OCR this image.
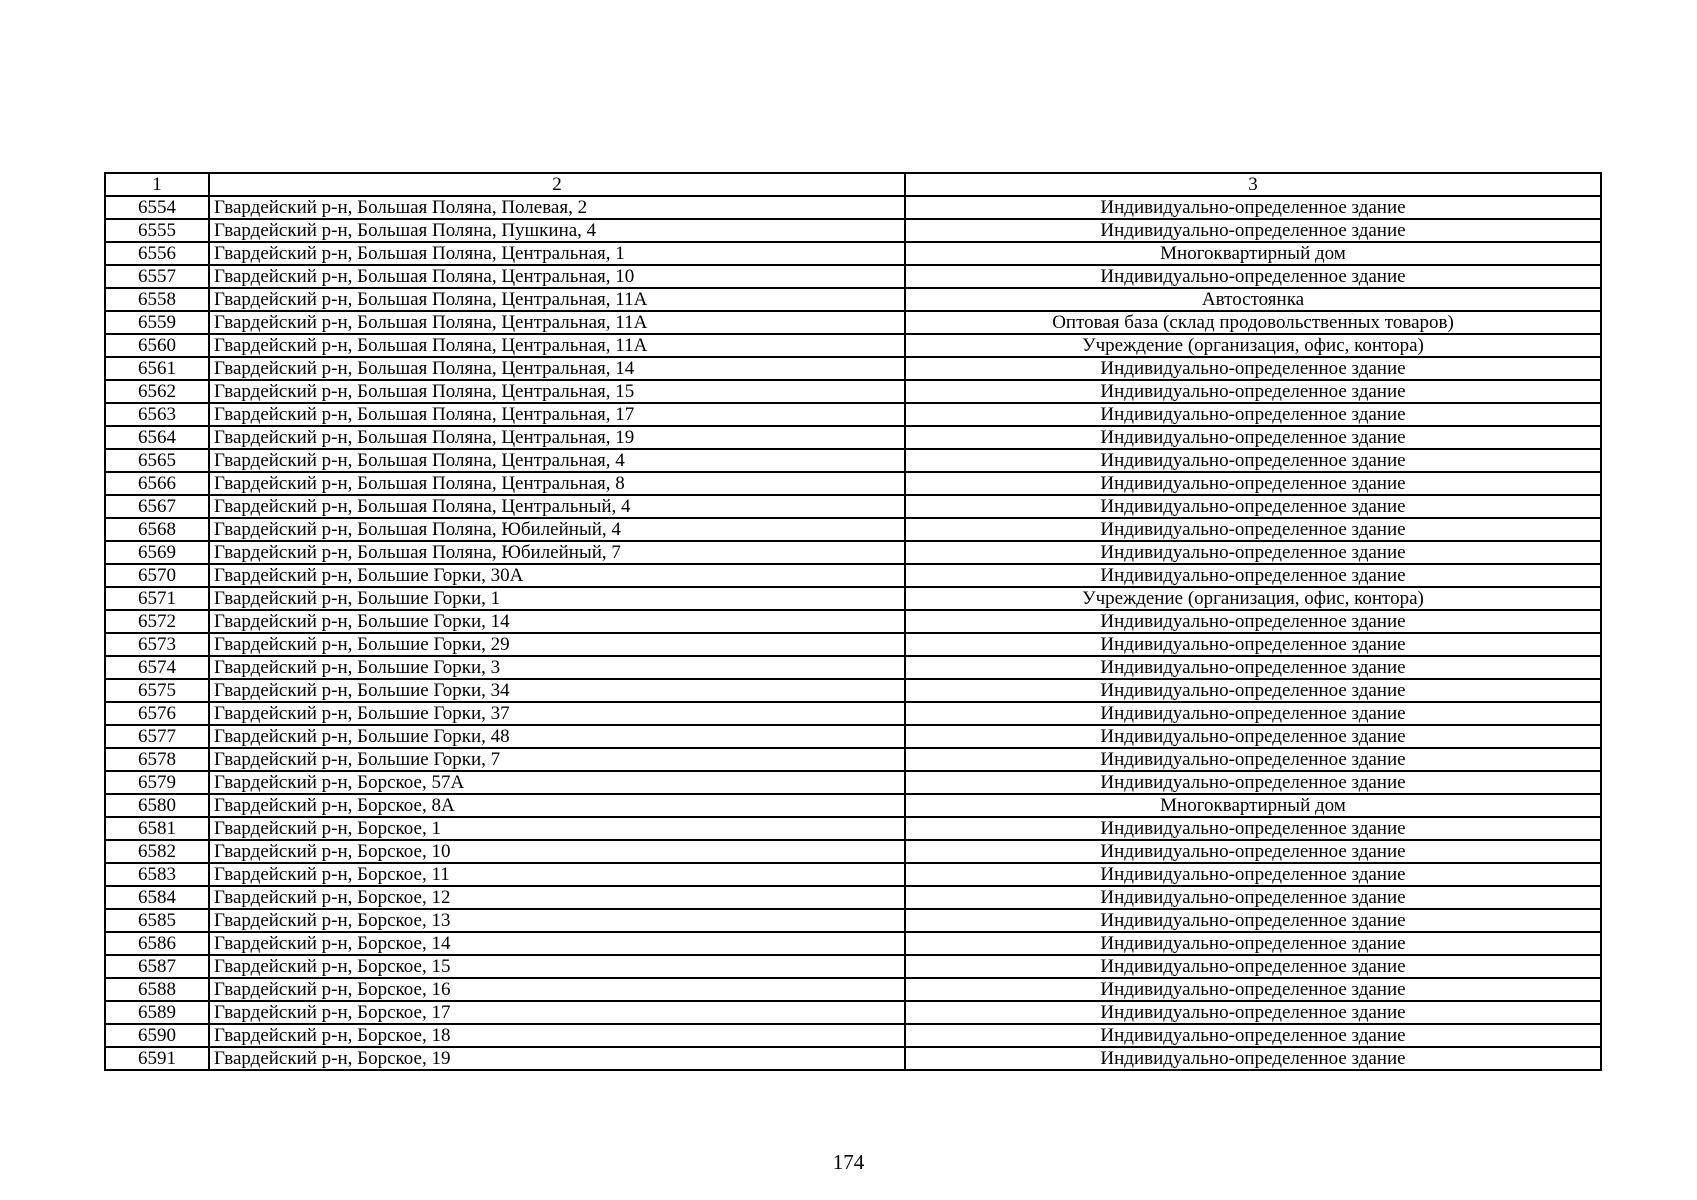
1	2	3
6554	Гвардейский р-н, Большая Поляна, Полевая, 2	Индивидуально-определенное здание
6555	Гвардейский р-н, Большая Поляна, Пушкина, 4	Индивидуально-определенное здание
6556	Гвардейский р-н, Большая Поляна, Центральная, 1	Многоквартирный дом
6557	Гвардейский р-н, Большая Поляна, Центральная, 10	Индивидуально-определенное здание
6558	Гвардейский р-н, Большая Поляна, Центральная, 11А	Автостоянка
6559	Гвардейский р-н, Большая Поляна, Центральная, 11А	Оптовая база (склад продовольственных товаров)
6560	Гвардейский р-н, Большая Поляна, Центральная, 11А	Учреждение (организация, офис, контора)
6561	Гвардейский р-н, Большая Поляна, Центральная, 14	Индивидуально-определенное здание
6562	Гвардейский р-н, Большая Поляна, Центральная, 15	Индивидуально-определенное здание
6563	Гвардейский р-н, Большая Поляна, Центральная, 17	Индивидуально-определенное здание
6564	Гвардейский р-н, Большая Поляна, Центральная, 19	Индивидуально-определенное здание
6565	Гвардейский р-н, Большая Поляна, Центральная, 4	Индивидуально-определенное здание
6566	Гвардейский р-н, Большая Поляна, Центральная, 8	Индивидуально-определенное здание
6567	Гвардейский р-н, Большая Поляна, Центральный, 4	Индивидуально-определенное здание
6568	Гвардейский р-н, Большая Поляна, Юбилейный, 4	Индивидуально-определенное здание
6569	Гвардейский р-н, Большая Поляна, Юбилейный, 7	Индивидуально-определенное здание
6570	Гвардейский р-н, Большие Горки, 30А	Индивидуально-определенное здание
6571	Гвардейский р-н, Большие Горки, 1	Учреждение (организация, офис, контора)
6572	Гвардейский р-н, Большие Горки, 14	Индивидуально-определенное здание
6573	Гвардейский р-н, Большие Горки, 29	Индивидуально-определенное здание
6574	Гвардейский р-н, Большие Горки, 3	Индивидуально-определенное здание
6575	Гвардейский р-н, Большие Горки, 34	Индивидуально-определенное здание
6576	Гвардейский р-н, Большие Горки, 37	Индивидуально-определенное здание
6577	Гвардейский р-н, Большие Горки, 48	Индивидуально-определенное здание
6578	Гвардейский р-н, Большие Горки, 7	Индивидуально-определенное здание
6579	Гвардейский р-н, Борское, 57А	Индивидуально-определенное здание
6580	Гвардейский р-н, Борское, 8А	Многоквартирный дом
6581	Гвардейский р-н, Борское, 1	Индивидуально-определенное здание
6582	Гвардейский р-н, Борское, 10	Индивидуально-определенное здание
6583	Гвардейский р-н, Борское, 11	Индивидуально-определенное здание
6584	Гвардейский р-н, Борское, 12	Индивидуально-определенное здание
6585	Гвардейский р-н, Борское, 13	Индивидуально-определенное здание
6586	Гвардейский р-н, Борское, 14	Индивидуально-определенное здание
6587	Гвардейский р-н, Борское, 15	Индивидуально-определенное здание
6588	Гвардейский р-н, Борское, 16	Индивидуально-определенное здание
6589	Гвардейский р-н, Борское, 17	Индивидуально-определенное здание
6590	Гвардейский р-н, Борское, 18	Индивидуально-определенное здание
6591	Гвардейский р-н, Борское, 19	Индивидуально-определенное здание
174
